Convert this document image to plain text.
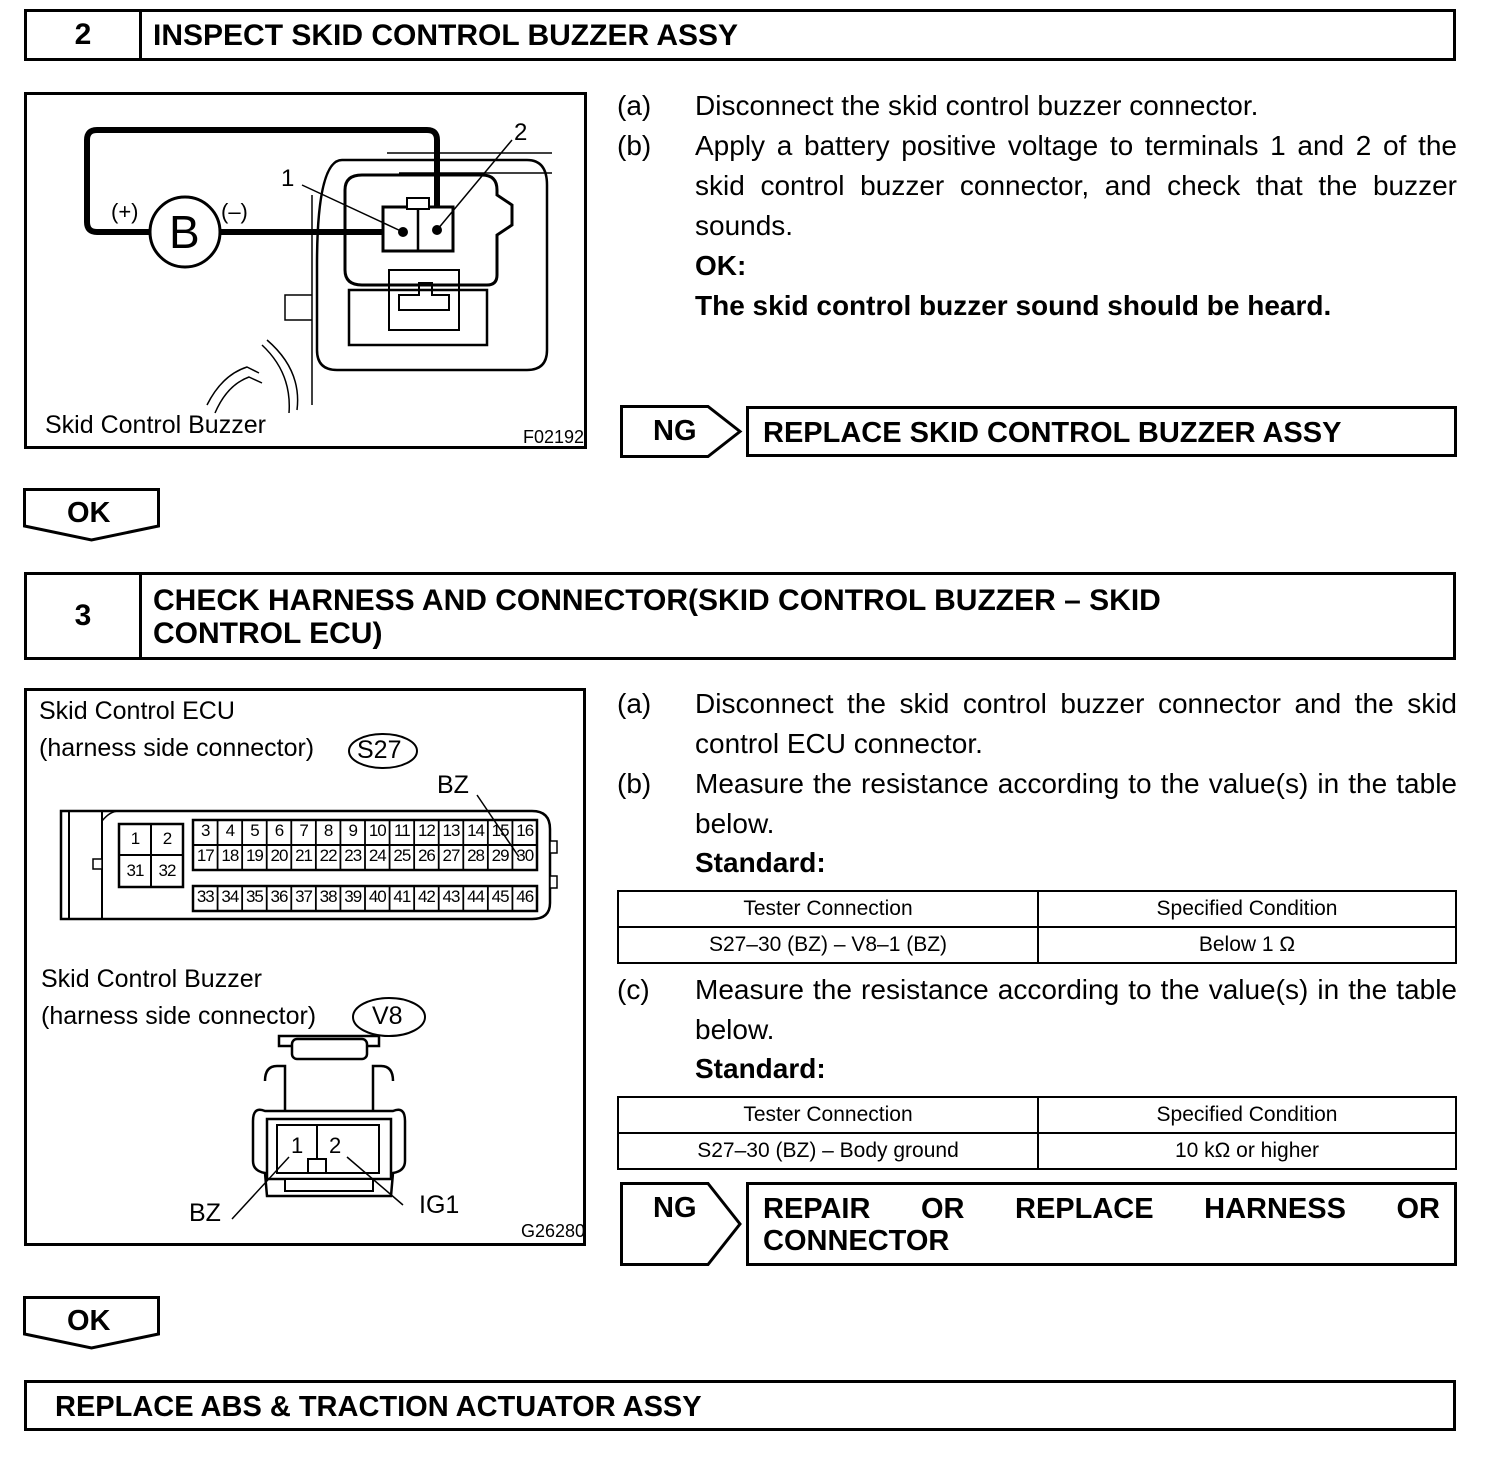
2	INSPECT SKID CONTROL BUZZER ASSY
B
(+)	(–)
1
2
Skid Control Buzzer	F02192
(a) Disconnect the skid control buzzer connector.
(b) Apply a battery positive voltage to terminals 1 and 2 of the skid control buzzer connector, and check that the buzzer sounds.
OK:
The skid control buzzer sound should be heard.
NG	REPLACE SKID CONTROL BUZZER ASSY
OK
3	CHECK HARNESS AND CONNECTOR(SKID CONTROL BUZZER – SKID
CONTROL ECU)
Skid Control ECU
(harness side connector) S27
BZ
3 4 5 6 7 8 9 10 11 12 13 14 15 16
17 18 19 20 21 22 23 24 25 26 27 28 29 30
33 34 35 36 37 38 39 40 41 42 43 44 45 46
1	2
31 32
Skid Control Buzzer
(harness side connector) V8
1 2
BZ	IG1
G26280
(a) Disconnect the skid control buzzer connector and the skid control ECU connector.
(b) Measure the resistance according to the value(s) in the table below.
Standard:
Tester Connection	Specified Condition
S27–30 (BZ) – V8–1 (BZ)	Below 1 Ω
(c) Measure the resistance according to the value(s) in the table below.
Standard:
Tester Connection	Specified Condition
S27–30 (BZ) – Body ground	10 kΩ or higher
NG REPAIR OR REPLACE HARNESS OR
CONNECTOR
OK
REPLACE ABS & TRACTION ACTUATOR ASSY
